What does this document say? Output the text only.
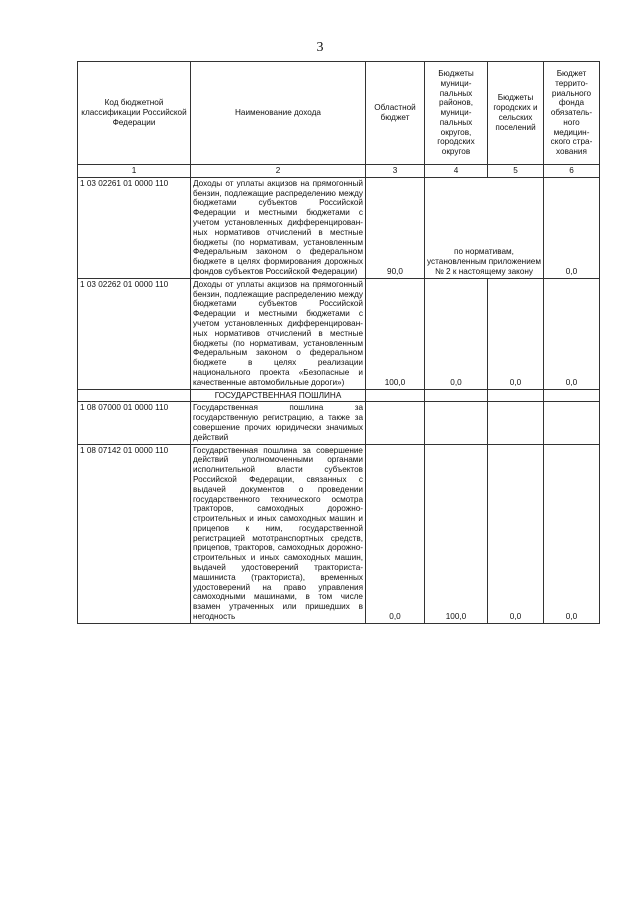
3
Код бюджетной классификации Российской Федерации	Наименование дохода	Областной бюджет	Бюджеты муници-пальных районов, муници-пальных округов, городских округов	Бюджеты городских и сельских поселений	Бюджет террито-риального фонда обязатель-ного медицин-ского стра-хования
1	2	3	4	5	6
1 03 02261 01 0000 110	Доходы от уплаты акцизов на прямогонный бензин, подлежащие распределению между бюджетами субъектов Российской Федерации и местными бюджетами с учетом установленных дифференцирован-ных нормативов отчислений в местные бюджеты (по нормативам, установленным Федеральным законом о федеральном бюджете в целях формирования дорожных фондов субъектов Российской Федерации)	90,0	по нормативам, установленным приложением № 2 к настоящему закону		0,0
1 03 02262 01 0000 110	Доходы от уплаты акцизов на прямогонный бензин, подлежащие распределению между бюджетами субъектов Российской Федерации и местными бюджетами с учетом установленных дифференцирован-ных нормативов отчислений в местные бюджеты (по нормативам, установленным Федеральным законом о федеральном бюджете в целях реализации национального проекта «Безопасные и качественные автомобильные дороги»)	100,0	0,0	0,0	0,0
	ГОСУДАРСТВЕННАЯ ПОШЛИНА				
1 08 07000 01 0000 110	Государственная пошлина за государственную регистрацию, а также за совершение прочих юридически значимых действий				
1 08 07142 01 0000 110	Государственная пошлина за совершение действий уполномоченными органами исполнительной власти субъектов Российской Федерации, связанных с выдачей документов о проведении государственного технического осмотра тракторов, самоходных дорожно-строительных и иных самоходных машин и прицепов к ним, государственной регистрацией мототранспортных средств, прицепов, тракторов, самоходных дорожно-строительных и иных самоходных машин, выдачей удостоверений тракториста-машиниста (тракториста), временных удостоверений на право управления самоходными машинами, в том числе взамен утраченных или пришедших в негодность	0,0	100,0	0,0	0,0
